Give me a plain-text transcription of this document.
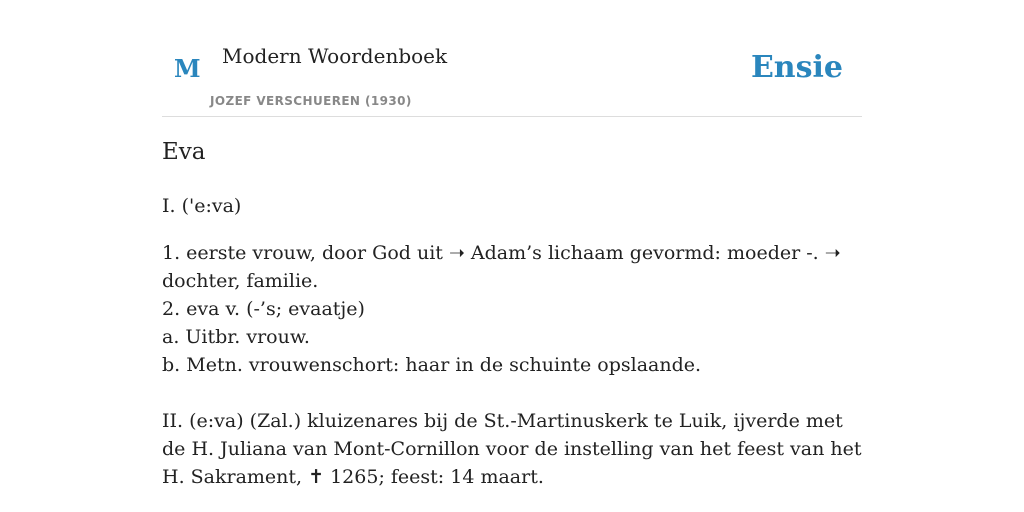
M Modern Woordenboek
JOZEF VERSCHUEREN (1930)
Ensie
Eva

I. ('e:va)

1. eerste vrouw, door God uit ➝ Adam’s lichaam gevormd: moeder -. ➝ dochter, familie.

2. eva v. (-’s; evaatje)

a. Uitbr. vrouw.

b. Metn. vrouwenschort: haar in de schuinte opslaande.

II. (e:va) (Zal.) kluizenares bij de St.-Martinuskerk te Luik, ijverde met de H. Juliana van Mont-Cornillon voor de instelling van het feest van het H. Sakrament, ✝ 1265; feest: 14 maart.
